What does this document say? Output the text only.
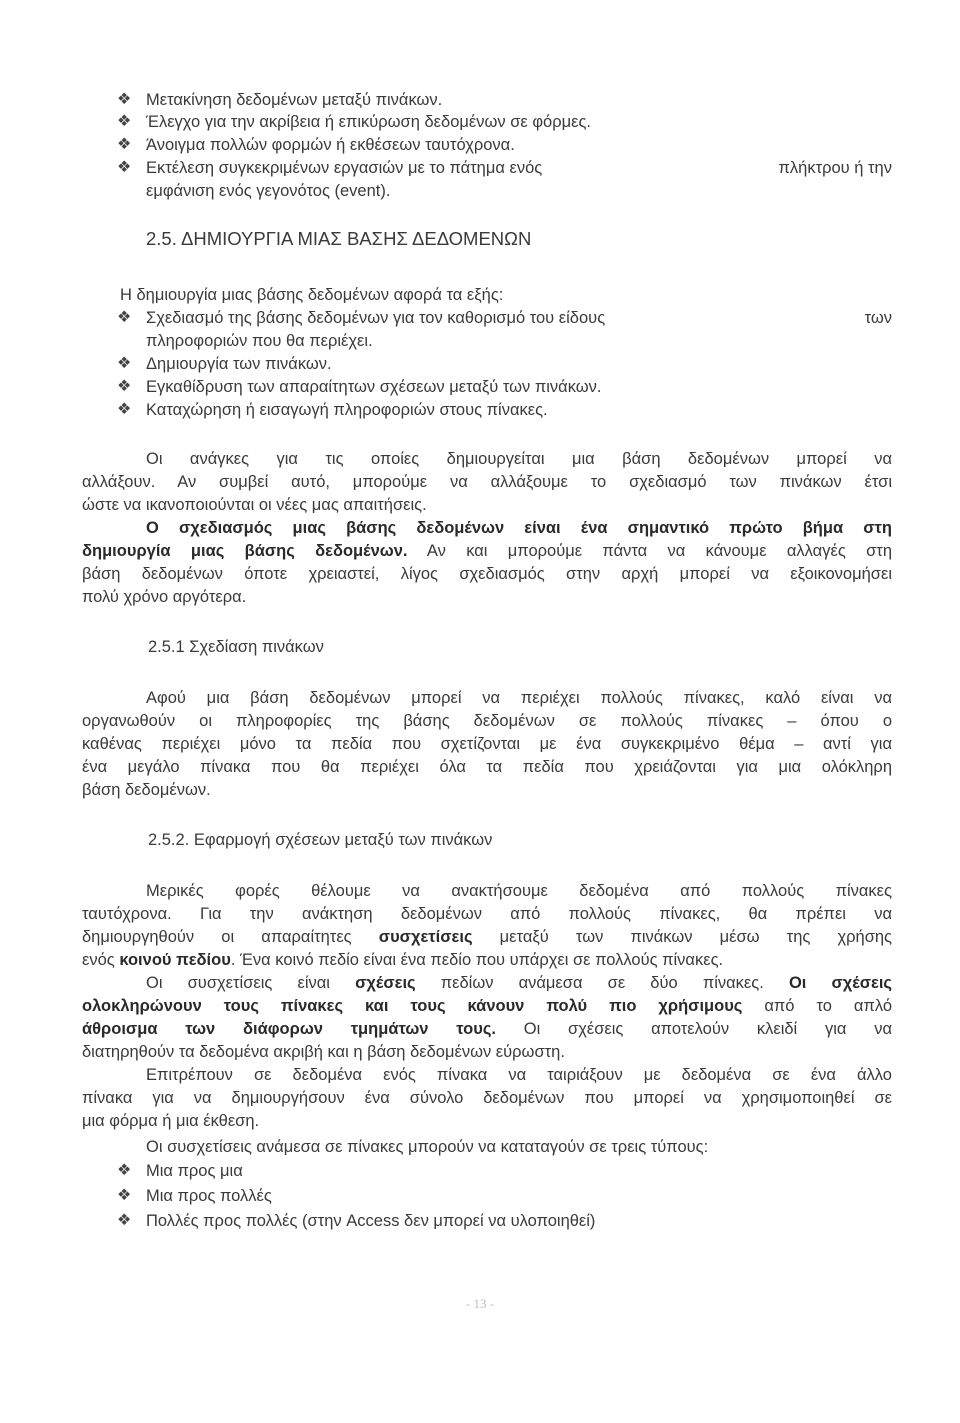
❖ Μετακίνηση δεδομένων μεταξύ πινάκων.
❖ Έλεγχο για την ακρίβεια ή επικύρωση δεδομένων σε φόρμες.
❖ Άνοιγμα πολλών φορμών ή εκθέσεων ταυτόχρονα.
❖ Εκτέλεση συγκεκριμένων εργασιών με το πάτημα ενός	πλήκτρου ή την
εμφάνιση ενός γεγονότος (event).
2.5. ΔΗΜΙΟΥΡΓΙΑ ΜΙΑΣ ΒΑΣΗΣ ΔΕΔΟΜΕΝΩΝ
Η δημιουργία μιας βάσης δεδομένων αφορά τα εξής:
❖ Σχεδιασμό της βάσης δεδομένων για τον καθορισμό του είδους	των
πληροφοριών που θα περιέχει.
❖ Δημιουργία των πινάκων.
❖ Εγκαθίδρυση των απαραίτητων σχέσεων μεταξύ των πινάκων.
❖ Καταχώρηση ή εισαγωγή πληροφοριών στους πίνακες.
Οι ανάγκες για τις οποίες δημιουργείται μια βάση δεδομένων μπορεί να
αλλάξουν. Αν συμβεί αυτό, μπορούμε να αλλάξουμε το σχεδιασμό των πινάκων έτσι
ώστε να ικανοποιούνται οι νέες μας απαιτήσεις.
Ο σχεδιασμός μιας βάσης δεδομένων είναι ένα σημαντικό πρώτο βήμα στη
δημιουργία μιας βάσης δεδομένων. Αν και μπορούμε πάντα να κάνουμε αλλαγές στη
βάση δεδομένων όποτε χρειαστεί, λίγος σχεδιασμός στην αρχή μπορεί να εξοικονομήσει
πολύ χρόνο αργότερα.
2.5.1 Σχεδίαση πινάκων
Αφού μια βάση δεδομένων μπορεί να περιέχει πολλούς πίνακες, καλό είναι να
οργανωθούν οι πληροφορίες της βάσης δεδομένων σε πολλούς πίνακες – όπου ο
καθένας περιέχει μόνο τα πεδία που σχετίζονται με ένα συγκεκριμένο θέμα – αντί για
ένα μεγάλο πίνακα που θα περιέχει όλα τα πεδία που χρειάζονται για μια ολόκληρη
βάση δεδομένων.
2.5.2. Εφαρμογή σχέσεων μεταξύ των πινάκων
Μερικές φορές θέλουμε να ανακτήσουμε δεδομένα από πολλούς πίνακες
ταυτόχρονα. Για την ανάκτηση δεδομένων από πολλούς πίνακες, θα πρέπει να
δημιουργηθούν οι απαραίτητες συσχετίσεις μεταξύ των πινάκων μέσω της χρήσης
ενός κοινού πεδίου. Ένα κοινό πεδίο είναι ένα πεδίο που υπάρχει σε πολλούς πίνακες.
Οι συσχετίσεις είναι σχέσεις πεδίων ανάμεσα σε δύο πίνακες. Οι σχέσεις
ολοκληρώνουν τους πίνακες και τους κάνουν πολύ πιο χρήσιμους από το απλό
άθροισμα των διάφορων τμημάτων τους. Οι σχέσεις αποτελούν κλειδί για να
διατηρηθούν τα δεδομένα ακριβή και η βάση δεδομένων εύρωστη.
Επιτρέπουν σε δεδομένα ενός πίνακα να ταιριάξουν με δεδομένα σε ένα άλλο
πίνακα για να δημιουργήσουν ένα σύνολο δεδομένων που μπορεί να χρησιμοποιηθεί σε
μια φόρμα ή μια έκθεση.
Οι συσχετίσεις ανάμεσα σε πίνακες μπορούν να καταταγούν σε τρεις τύπους:
❖ Μια προς μια
❖ Μια προς πολλές
❖ Πολλές προς πολλές (στην Access δεν μπορεί να υλοποιηθεί)
- 13 -
